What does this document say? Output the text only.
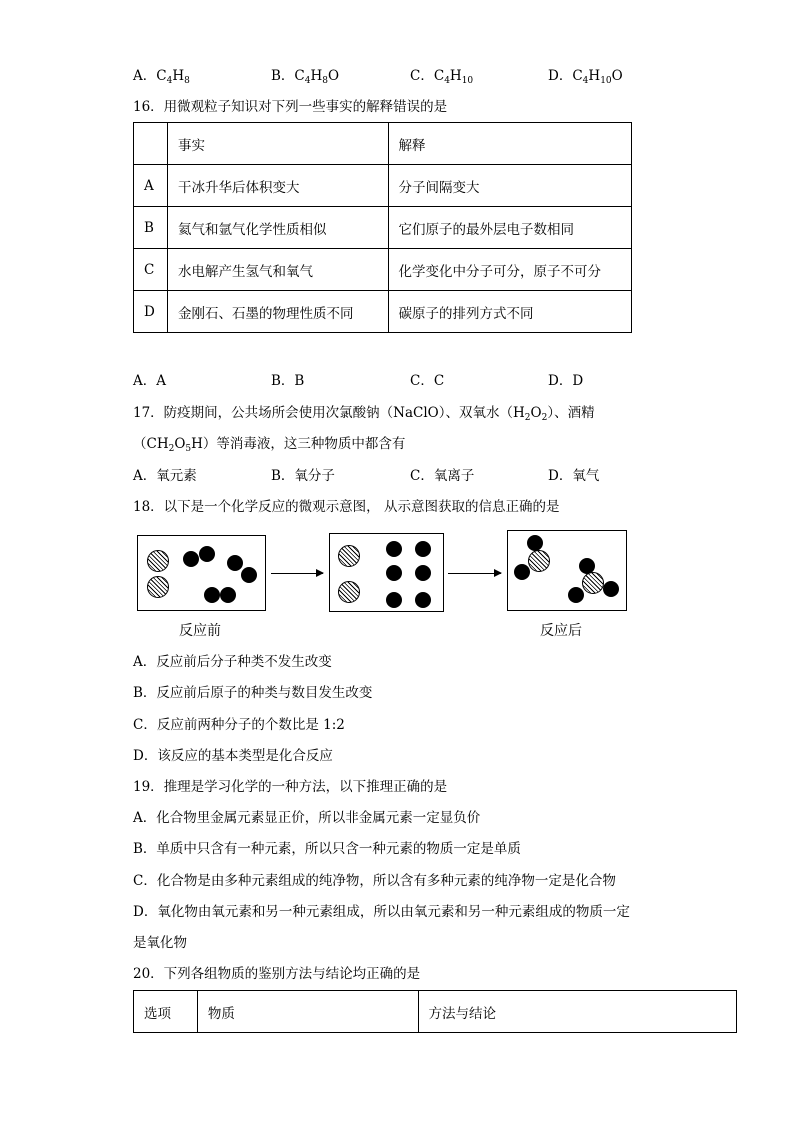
A．$C_4H_8$	B．$C_4H_8O$	C．$C_4H_{10}$	D．$C_4H_{10}O$
16．用微观粒子知识对下列一些事实的解释错误的是
	事实	解释
A	干冰升华后体积变大	分子间隔变大
B	氦气和氩气化学性质相似	它们原子的最外层电子数相同
C	水电解产生氢气和氧气	化学变化中分子可分，原子不可分
D	金刚石、石墨的物理性质不同	碳原子的排列方式不同
A．A	B．B	C．C	D．D
17．防疫期间，公共场所会使用次氯酸钠（NaClO）、双氧水$(H_2O_2)$、酒精
$(CH_2O_5H)$等消毒液，这三种物质中都含有
A．氧元素	B．氧分子	C．氧离子	D．氧气
18．以下是一个化学反应的微观示意图， 从示意图获取的信息正确的是
反应前	反应后
A．反应前后分子种类不发生改变
B．反应前后原子的种类与数目发生改变
C．反应前两种分子的个数比是 1:2
D．该反应的基本类型是化合反应
19．推理是学习化学的一种方法，以下推理正确的是
A．化合物里金属元素显正价，所以非金属元素一定显负价
B．单质中只含有一种元素，所以只含一种元素的物质一定是单质
C．化合物是由多种元素组成的纯净物，所以含有多种元素的纯净物一定是化合物
D．氧化物由氧元素和另一种元素组成，所以由氧元素和另一种元素组成的物质一定
是氧化物
20．下列各组物质的鉴别方法与结论均正确的是
选项	物质	方法与结论
